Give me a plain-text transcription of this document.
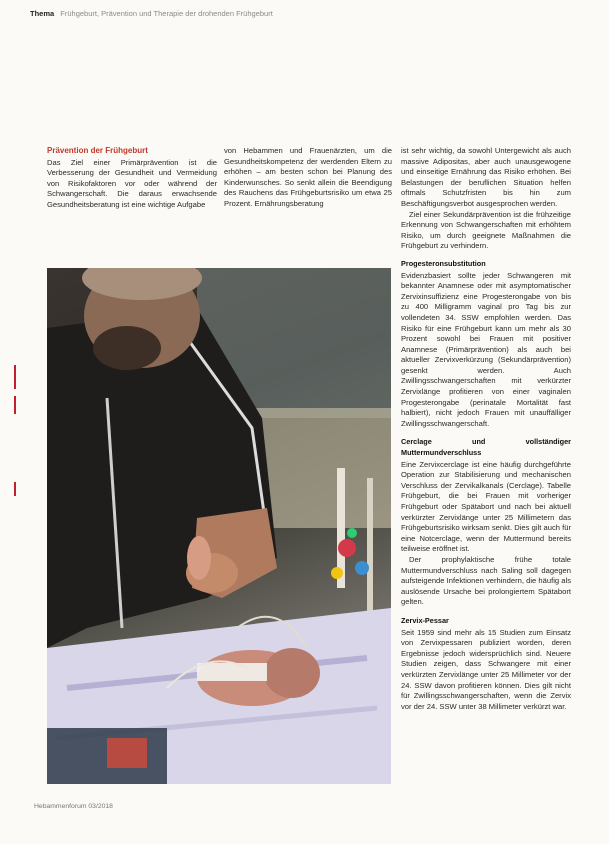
Thema Frühgeburt, Prävention und Therapie der drohenden Frühgeburt
Prävention der Frühgeburt

Das Ziel einer Primärprävention ist die Verbesserung der Gesundheit und Vermeidung von Risikofaktoren vor oder während der Schwangerschaft. Die daraus erwachsende Gesundheitsberatung ist eine wichtige Aufgabe

von Hebammen und Frauenärzten, um die Gesundheitskompetenz der werdenden Eltern zu erhöhen – am besten schon bei Planung des Kinderwunsches. So senkt allein die Beendigung des Rauchens das Frühgeburtsrisiko um etwa 25 Prozent. Ernährungsberatung

ist sehr wichtig, da sowohl Untergewicht als auch massive Adipositas, aber auch unausgewogene und einseitige Ernährung das Risiko erhöhen. Bei Belastungen der beruflichen Situation helfen oftmals Schutzfristen bis hin zum Beschäftigungsverbot ausgesprochen werden.

Ziel einer Sekundärprävention ist die frühzeitige Erkennung von Schwangerschaften mit erhöhtem Risiko, um durch geeignete Maßnahmen die Frühgeburt zu verhindern.

Progesteronsubstitution

Evidenzbasiert sollte jeder Schwangeren mit bekannter Anamnese oder mit asymptomatischer Zervixinsuffizienz eine Progesterongabe von bis zu 400 Milligramm vaginal pro Tag bis zur vollendeten 34. SSW empfohlen werden. Das Risiko für eine Frühgeburt kann um mehr als 30 Prozent sowohl bei Frauen mit positiver Anamnese (Primärprävention) als auch bei aktueller Zervixverkürzung (Sekundärprävention) gesenkt werden. Auch Zwillingsschwangerschaften mit verkürzter Zervixlänge profitieren von einer vaginalen Progesterongabe (perinatale Mortalität fast halbiert), nicht jedoch Frauen mit unauffälliger Zwillingsschwangerschaft.

Cerclage und vollständiger Muttermundverschluss

Eine Zervixcerclage ist eine häufig durchgeführte Operation zur Stabilisierung und mechanischen Verschluss der Zervikalkanals (Cerclage). Tabelle Frühgeburt, die bei Frauen mit vorheriger Frühgeburt oder Spätabort und nach bei aktuell verkürzter Zervixlänge unter 25 Millimetern das Frühgeburtsrisiko wirksam senkt. Dies gilt auch für eine Notcerclage, wenn der Muttermund bereits teilweise eröffnet ist.

Der prophylaktische frühe totale Muttermundverschluss nach Saling soll dagegen aufsteigende Infektionen verhindern, die häufig als auslösende Ursache bei prolongiertem Spätabort gelten.

Zervix-Pessar

Seit 1959 sind mehr als 15 Studien zum Einsatz von Zervixpessaren publiziert worden, deren Ergebnisse jedoch widersprüchlich sind. Neuere Studien zeigen, dass Schwangere mit einer verkürzten Zervixlänge unter 25 Millimeter vor der 24. SSW davon profitieren können. Dies gilt nicht für Zwillingsschwangerschaften, wenn die Zervix vor der 24. SSW unter 38 Millimeter verkürzt war.

Hebammenforum 03/2018
